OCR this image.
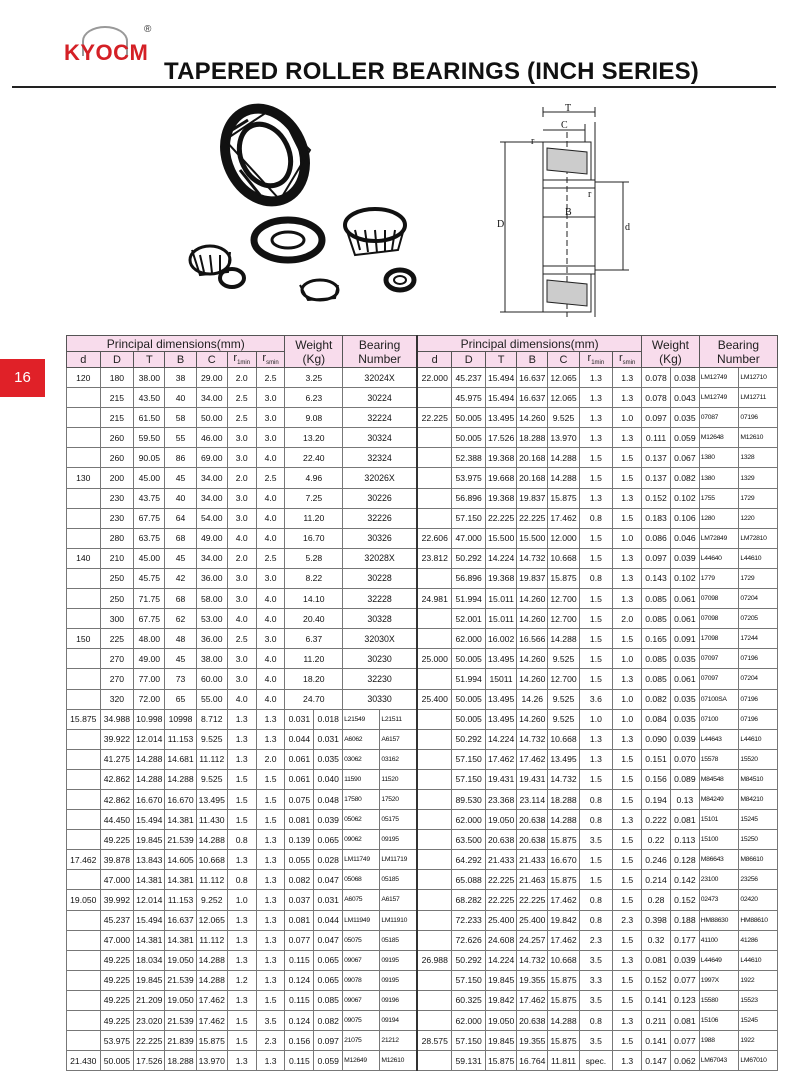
KYOCM
®
TAPERED ROLLER BEARINGS (INCH SERIES)
16
T
C
r
r
B
D	d
Principal dimensions(mm)							Weight
(Kg)		Bearing
Number		Principal dimensions(mm)							Weight
(Kg)		Bearing
Number	
d	D	T	B	C	$r_{1min}$	$r_{smin}$					d	D	T	B	C	$r_{1min}$	$r_{smin}$
120	180	38.00	38	29.00	2.0	2.5	3.25		32024X		22.000	45.237	15.494	16.637	12.065	1.3	1.3	0.078	0.038	LM12749	LM12710
	215	43.50	40	34.00	2.5	3.0	6.23		30224			45.975	15.494	16.637	12.065	1.3	1.3	0.078	0.043	LM12749	LM12711
	215	61.50	58	50.00	2.5	3.0	9.08		32224		22.225	50.005	13.495	14.260	9.525	1.3	1.0	0.097	0.035	07087	07196
	260	59.50	55	46.00	3.0	3.0	13.20		30324			50.005	17.526	18.288	13.970	1.3	1.3	0.111	0.059	M12648	M12610
	260	90.05	86	69.00	3.0	4.0	22.40		32324			52.388	19.368	20.168	14.288	1.5	1.5	0.137	0.067	1380	1328
130	200	45.00	45	34.00	2.0	2.5	4.96		32026X			53.975	19.668	20.168	14.288	1.5	1.5	0.137	0.082	1380	1329
	230	43.75	40	34.00	3.0	4.0	7.25		30226			56.896	19.368	19.837	15.875	1.3	1.3	0.152	0.102	1755	1729
	230	67.75	64	54.00	3.0	4.0	11.20		32226			57.150	22.225	22.225	17.462	0.8	1.5	0.183	0.106	1280	1220
	280	63.75	68	49.00	4.0	4.0	16.70		30326		22.606	47.000	15.500	15.500	12.000	1.5	1.0	0.086	0.046	LM72849	LM72810
140	210	45.00	45	34.00	2.0	2.5	5.28		32028X		23.812	50.292	14.224	14.732	10.668	1.5	1.3	0.097	0.039	L44640	L44610
	250	45.75	42	36.00	3.0	3.0	8.22		30228			56.896	19.368	19.837	15.875	0.8	1.3	0.143	0.102	1779	1729
	250	71.75	68	58.00	3.0	4.0	14.10		32228		24.981	51.994	15.011	14.260	12.700	1.5	1.3	0.085	0.061	07098	07204
	300	67.75	62	53.00	4.0	4.0	20.40		30328			52.001	15.011	14.260	12.700	1.5	2.0	0.085	0.061	07098	07205
150	225	48.00	48	36.00	2.5	3.0	6.37		32030X			62.000	16.002	16.566	14.288	1.5	1.5	0.165	0.091	17098	17244
	270	49.00	45	38.00	3.0	4.0	11.20		30230		25.000	50.005	13.495	14.260	9.525	1.5	1.0	0.085	0.035	07097	07196
	270	77.00	73	60.00	3.0	4.0	18.20		32230			51.994	15011	14.260	12.700	1.5	1.3	0.085	0.061	07097	07204
	320	72.00	65	55.00	4.0	4.0	24.70		30330		25.400	50.005	13.495	14.26	9.525	3.6	1.0	0.082	0.035	07100SA	07196
15.875	34.988	10.998	10998	8.712	1.3	1.3	0.031	0.018	L21549	L21511		50.005	13.495	14.260	9.525	1.0	1.0	0.084	0.035	07100	07196
	39.922	12.014	11.153	9.525	1.3	1.3	0.044	0.031	A6062	A6157		50.292	14.224	14.732	10.668	1.3	1.3	0.090	0.039	L44643	L44610
	41.275	14.288	14.681	11.112	1.3	2.0	0.061	0.035	03062	03162		57.150	17.462	17.462	13.495	1.3	1.5	0.151	0.070	15578	15520
	42.862	14.288	14.288	9.525	1.5	1.5	0.061	0.040	11590	11520		57.150	19.431	19.431	14.732	1.5	1.5	0.156	0.089	M84548	M84510
	42.862	16.670	16.670	13.495	1.5	1.5	0.075	0.048	17580	17520		89.530	23.368	23.114	18.288	0.8	1.5	0.194	0.13	M84249	M84210
	44.450	15.494	14.381	11.430	1.5	1.5	0.081	0.039	05062	05175		62.000	19.050	20.638	14.288	0.8	1.3	0.222	0.081	15101	15245
	49.225	19.845	21.539	14.288	0.8	1.3	0.139	0.065	09062	09195		63.500	20.638	20.638	15.875	3.5	1.5	0.22	0.113	15100	15250
17.462	39.878	13.843	14.605	10.668	1.3	1.3	0.055	0.028	LM11749	LM11719		64.292	21.433	21.433	16.670	1.5	1.5	0.246	0.128	M86643	M86610
	47.000	14.381	14.381	11.112	0.8	1.3	0.082	0.047	05068	05185		65.088	22.225	21.463	15.875	1.5	1.5	0.214	0.142	23100	23256
19.050	39.992	12.014	11.153	9.252	1.0	1.3	0.037	0.031	A6075	A6157		68.282	22.225	22.225	17.462	0.8	1.5	0.28	0.152	02473	02420
	45.237	15.494	16.637	12.065	1.3	1.3	0.081	0.044	LM11949	LM11910		72.233	25.400	25.400	19.842	0.8	2.3	0.398	0.188	HM88630	HM88610
	47.000	14.381	14.381	11.112	1.3	1.3	0.077	0.047	05075	05185		72.626	24.608	24.257	17.462	2.3	1.5	0.32	0.177	41100	41286
	49.225	18.034	19.050	14.288	1.3	1.3	0.115	0.065	09067	09195	26.988	50.292	14.224	14.732	10.668	3.5	1.3	0.081	0.039	L44649	L44610
	49.225	19.845	21.539	14.288	1.2	1.3	0.124	0.065	09078	09195		57.150	19.845	19.355	15.875	3.3	1.5	0.152	0.077	1997X	1922
	49.225	21.209	19.050	17.462	1.3	1.5	0.115	0.085	09067	09196		60.325	19.842	17.462	15.875	3.5	1.5	0.141	0.123	15580	15523
	49.225	23.020	21.539	17.462	1.5	3.5	0.124	0.082	09075	09194		62.000	19.050	20.638	14.288	0.8	1.3	0.211	0.081	15106	15245
	53.975	22.225	21.839	15.875	1.5	2.3	0.156	0.097	21075	21212	28.575	57.150	19.845	19.355	15.875	3.5	1.5	0.141	0.077	1988	1922
21.430	50.005	17.526	18.288	13.970	1.3	1.3	0.115	0.059	M12649	M12610		59.131	15.875	16.764	11.811	spec.	1.3	0.147	0.062	LM67043	LM67010
